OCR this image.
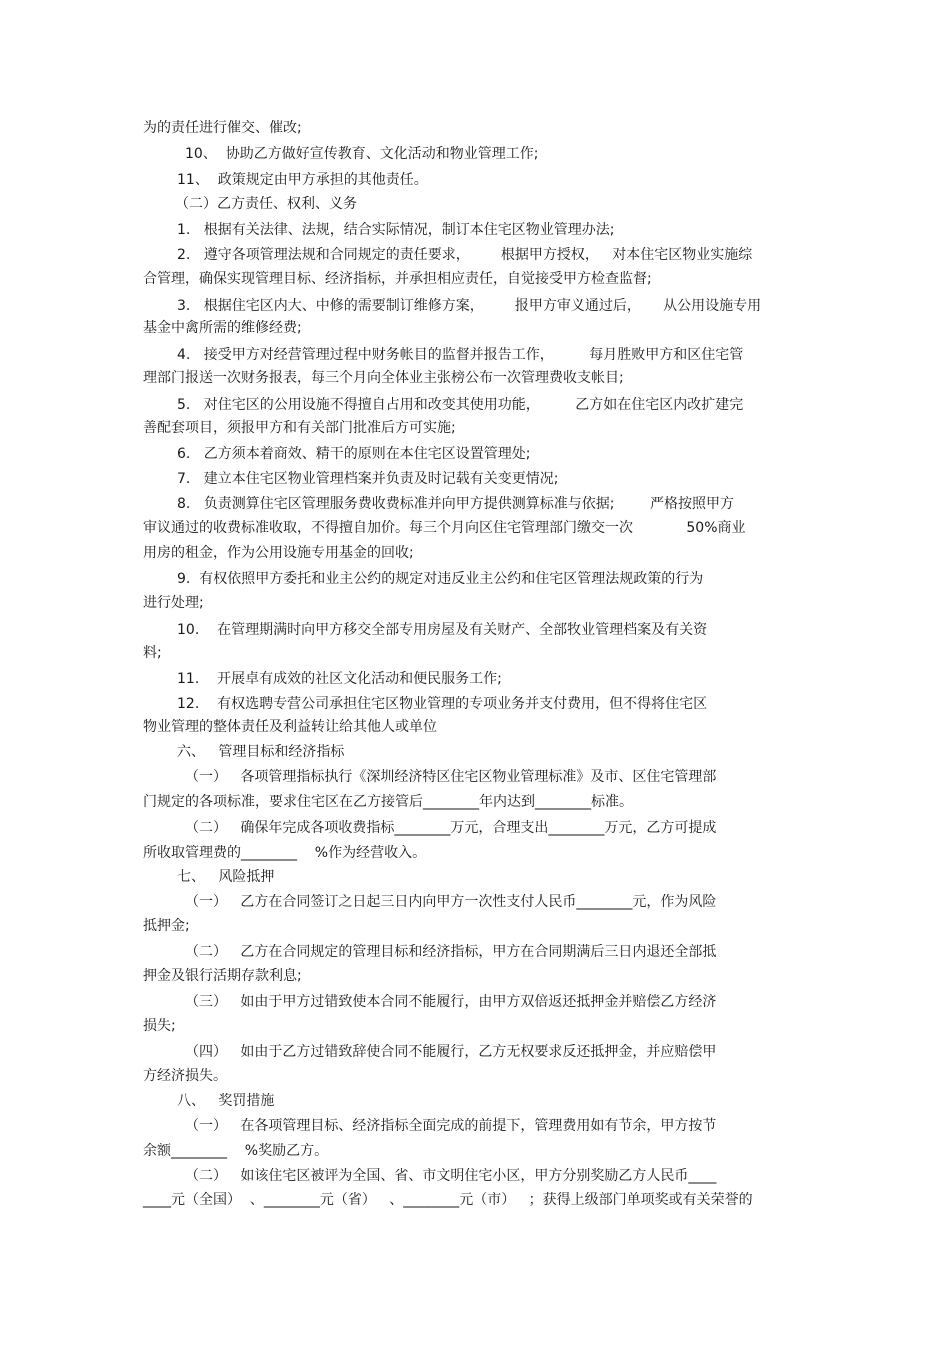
为的责任进行催交、催改;
10、  协助乙方做好宣传教育、文化活动和物业管理工作;
11、  政策规定由甲方承担的其他责任。
（二）乙方责任、权利、义务
1.   根据有关法律、法规，结合实际情况，制订本住宅区物业管理办法;
2.   遵守各项管理法规和合同规定的责任要求，       根据甲方授权，   对本住宅区物业实施综
合管理，确保实现管理目标、经济指标，并承担相应责任，自觉接受甲方检查监督;
3.   根据住宅区内大、中修的需要制订维修方案，       报甲方审义通过后，     从公用设施专用
基金中禽所需的维修经费;
4.   接受甲方对经营管理过程中财务帐目的监督并报告工作，        每月胜败甲方和区住宅管
理部门报送一次财务报表，每三个月向全体业主张榜公布一次管理费收支帐目;
5.   对住宅区的公用设施不得擅自占用和改变其使用功能，        乙方如在住宅区内改扩建完
善配套项目，须报甲方和有关部门批准后方可实施;
6.   乙方须本着商效、精干的原则在本住宅区设置管理处;
7.   建立本住宅区物业管理档案并负责及时记载有关变更情况;
8.   负责测算住宅区管理服务费收费标准并向甲方提供测算标准与依据;        严格按照甲方
审议通过的收费标准收取，不得擅自加价。每三个月向区住宅管理部门缴交一次            50%商业
用房的租金，作为公用设施专用基金的回收;
9.  有权依照甲方委托和业主公约的规定对违反业主公约和住宅区管理法规政策的行为
进行处理;
10.    在管理期满时向甲方移交全部专用房屋及有关财产、全部牧业管理档案及有关资
料;
11.    开展卓有成效的社区文化活动和便民服务工作;
12.    有权选聘专营公司承担住宅区物业管理的专项业务并支付费用，但不得将住宅区
物业管理的整体责任及利益转让给其他人或单位
六、   管理目标和经济指标
（一）   各项管理指标执行《深圳经济特区住宅区物业管理标准》及市、区住宅管理部
门规定的各项标准，要求住宅区在乙方接管后________年内达到________标准。
（二）   确保年完成各项收费指标________万元，合理支出________万元，乙方可提成
所收取管理费的________    %作为经营收入。
七、   风险抵押
（一）   乙方在合同签订之日起三日内向甲方一次性支付人民币________元，作为风险
抵押金;
（二）   乙方在合同规定的管理目标和经济指标，甲方在合同期满后三日内退还全部抵
押金及银行活期存款利息;
（三）   如由于甲方过错致使本合同不能履行，由甲方双倍返还抵押金并赔偿乙方经济
损失;
（四）   如由于乙方过错致辞使合同不能履行，乙方无权要求反还抵押金，并应赔偿甲
方经济损失。
八、   奖罚措施
（一）   在各项管理目标、经济指标全面完成的前提下，管理费用如有节余，甲方按节
余额________    %奖励乙方。
（二）   如该住宅区被评为全国、省、市文明住宅小区，甲方分别奖励乙方人民币____
____元（全国）  、________元（省）   、________元（市）   ；获得上级部门单项奖或有关荣誉的
